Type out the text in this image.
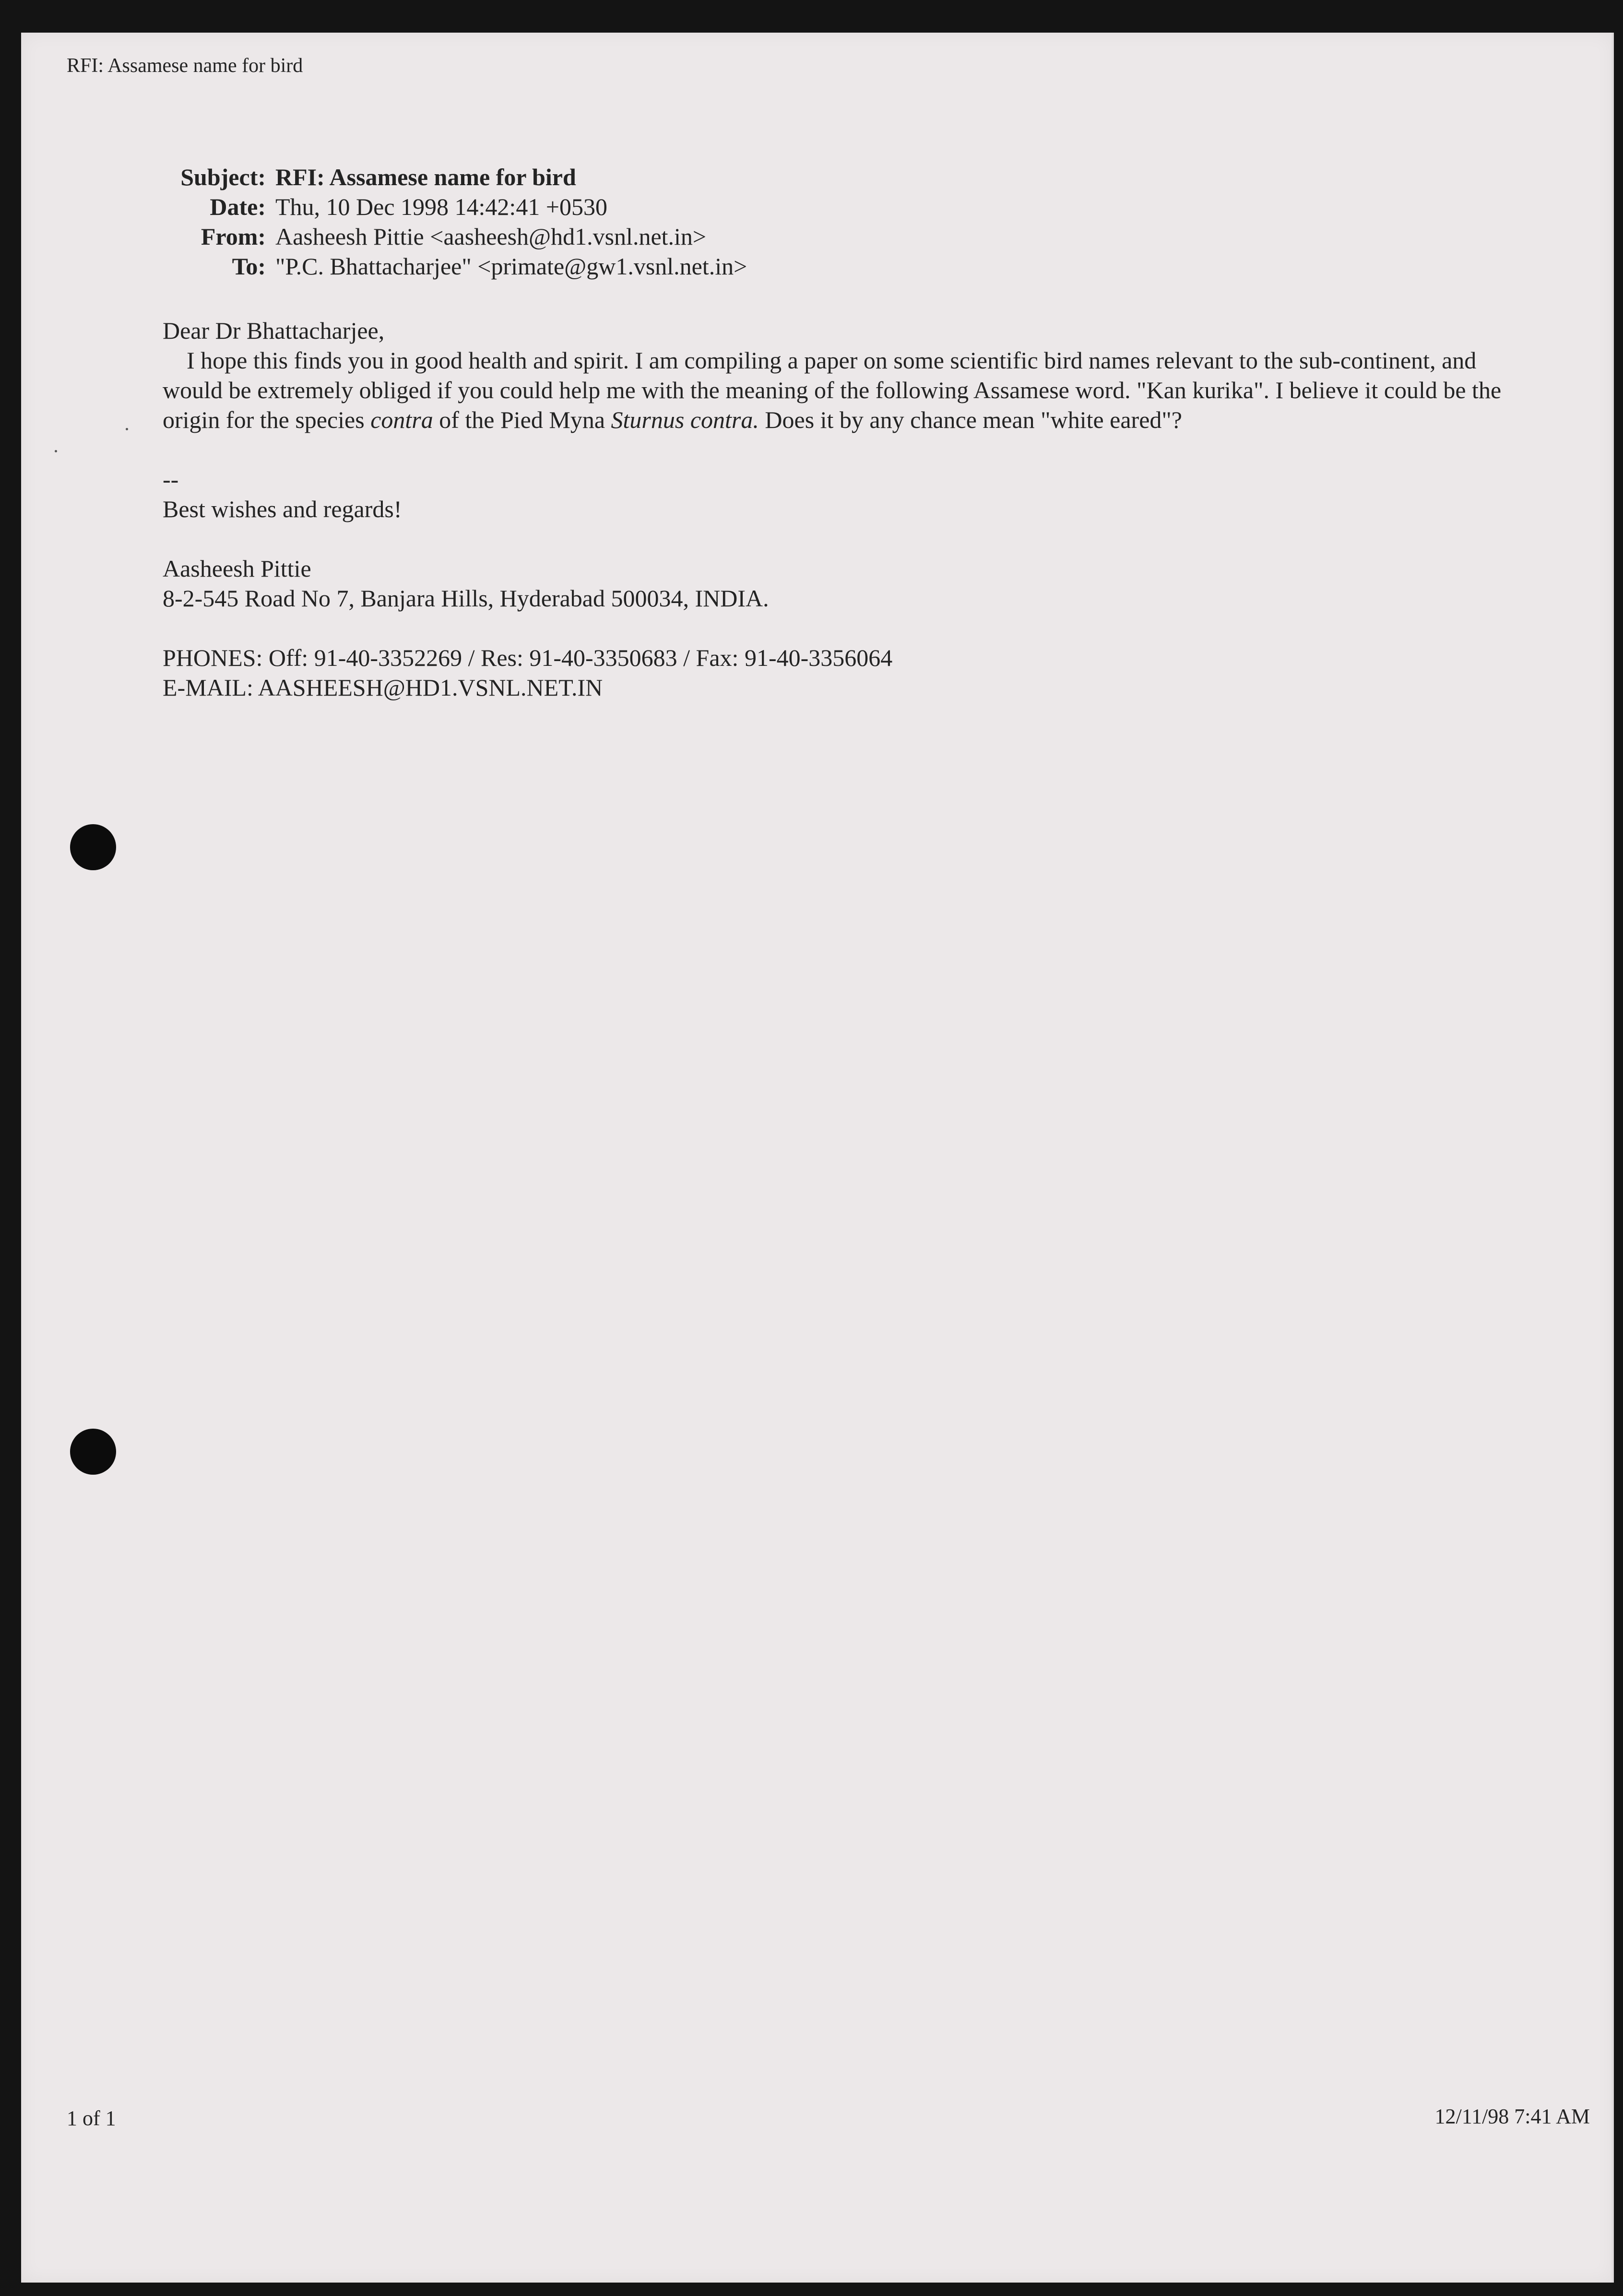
RFI: Assamese name for bird
Subject: RFI: Assamese name for bird
Date: Thu, 10 Dec 1998 14:42:41 +0530
From: Aasheesh Pittie <aasheesh@hd1.vsnl.net.in>
To: "P.C. Bhattacharjee" <primate@gw1.vsnl.net.in>

Dear Dr Bhattacharjee,

I hope this finds you in good health and spirit. I am compiling a paper on some scientific bird names relevant to the sub-continent, and would be extremely obliged if you could help me with the meaning of the following Assamese word. "Kan kurika". I believe it could be the origin for the species contra of the Pied Myna Sturnus contra. Does it by any chance mean "white eared"?

--

Best wishes and regards!

Aasheesh Pittie

8-2-545 Road No 7, Banjara Hills, Hyderabad 500034, INDIA.

PHONES: Off: 91-40-3352269 / Res: 91-40-3350683 / Fax: 91-40-3356064

E-MAIL: AASHEESH@HD1.VSNL.NET.IN

1 of 1	12/11/98 7:41 AM
